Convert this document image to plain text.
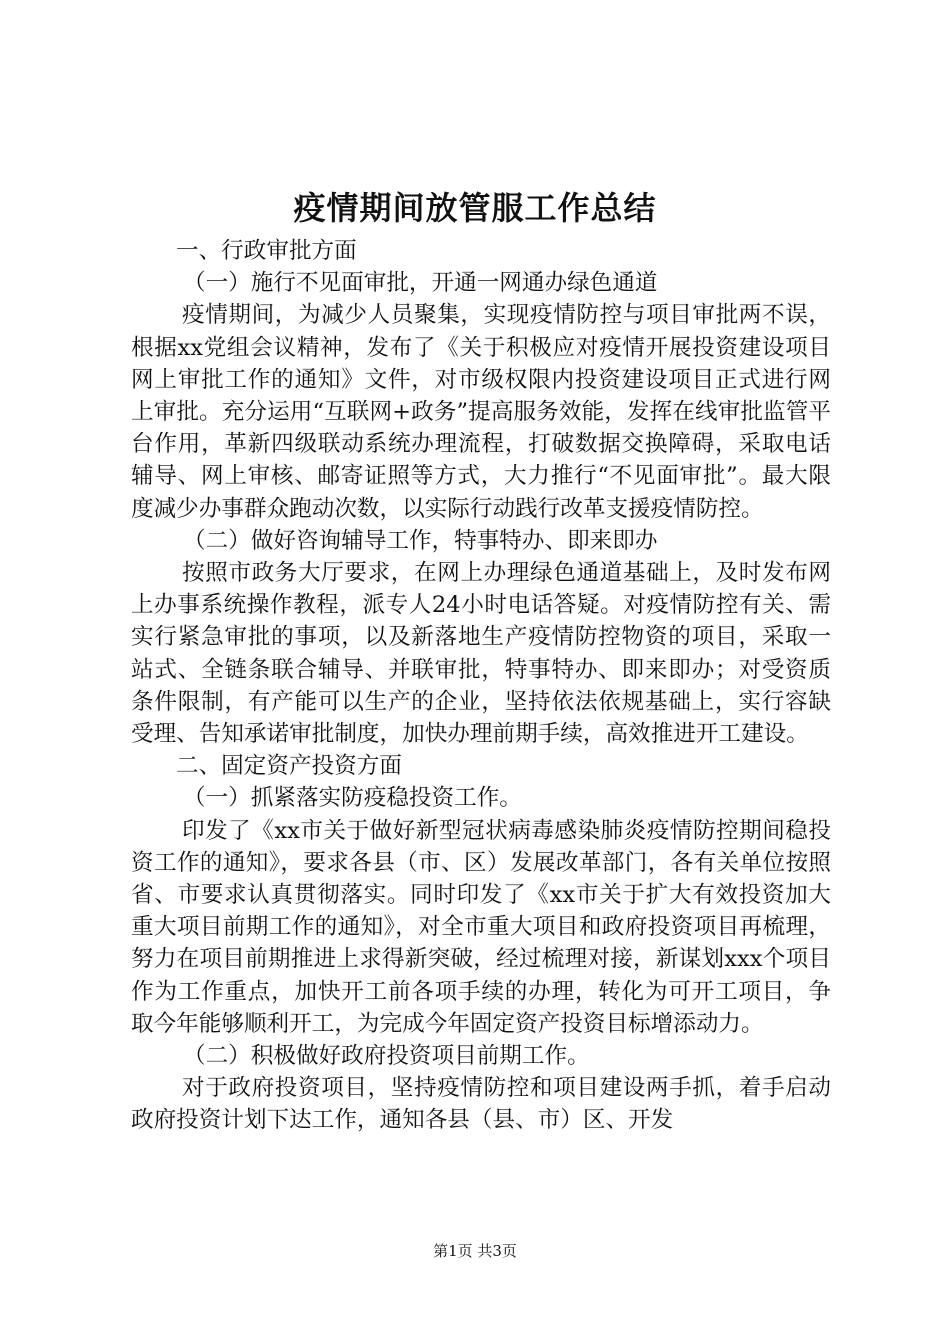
疫情期间放管服工作总结

一、行政审批方面

（一）施行不见面审批，开通一网通办绿色通道

疫情期间，为减少人员聚集，实现疫情防控与项目审批两不误，根据xx党组会议精神，发布了《关于积极应对疫情开展投资建设项目网上审批工作的通知》文件，对市级权限内投资建设项目正式进行网上审批。充分运用“互联网+政务”提高服务效能，发挥在线审批监管平台作用，革新四级联动系统办理流程，打破数据交换障碍，采取电话辅导、网上审核、邮寄证照等方式，大力推行“不见面审批”。最大限度减少办事群众跑动次数，以实际行动践行改革支援疫情防控。

（二）做好咨询辅导工作，特事特办、即来即办

按照市政务大厅要求，在网上办理绿色通道基础上，及时发布网上办事系统操作教程，派专人24小时电话答疑。对疫情防控有关、需实行紧急审批的事项，以及新落地生产疫情防控物资的项目，采取一站式、全链条联合辅导、并联审批，特事特办、即来即办；对受资质条件限制，有产能可以生产的企业，坚持依法依规基础上，实行容缺受理、告知承诺审批制度，加快办理前期手续，高效推进开工建设。

二、固定资产投资方面

（一）抓紧落实防疫稳投资工作。

印发了《xx市关于做好新型冠状病毒感染肺炎疫情防控期间稳投资工作的通知》，要求各县（市、区）发展改革部门，各有关单位按照省、市要求认真贯彻落实。同时印发了《xx市关于扩大有效投资加大重大项目前期工作的通知》，对全市重大项目和政府投资项目再梳理，努力在项目前期推进上求得新突破，经过梳理对接，新谋划xxx个项目作为工作重点，加快开工前各项手续的办理，转化为可开工项目，争取今年能够顺利开工，为完成今年固定资产投资目标增添动力。

（二）积极做好政府投资项目前期工作。

对于政府投资项目，坚持疫情防控和项目建设两手抓，着手启动政府投资计划下达工作，通知各县（县、市）区、开发

第1页 共3页
